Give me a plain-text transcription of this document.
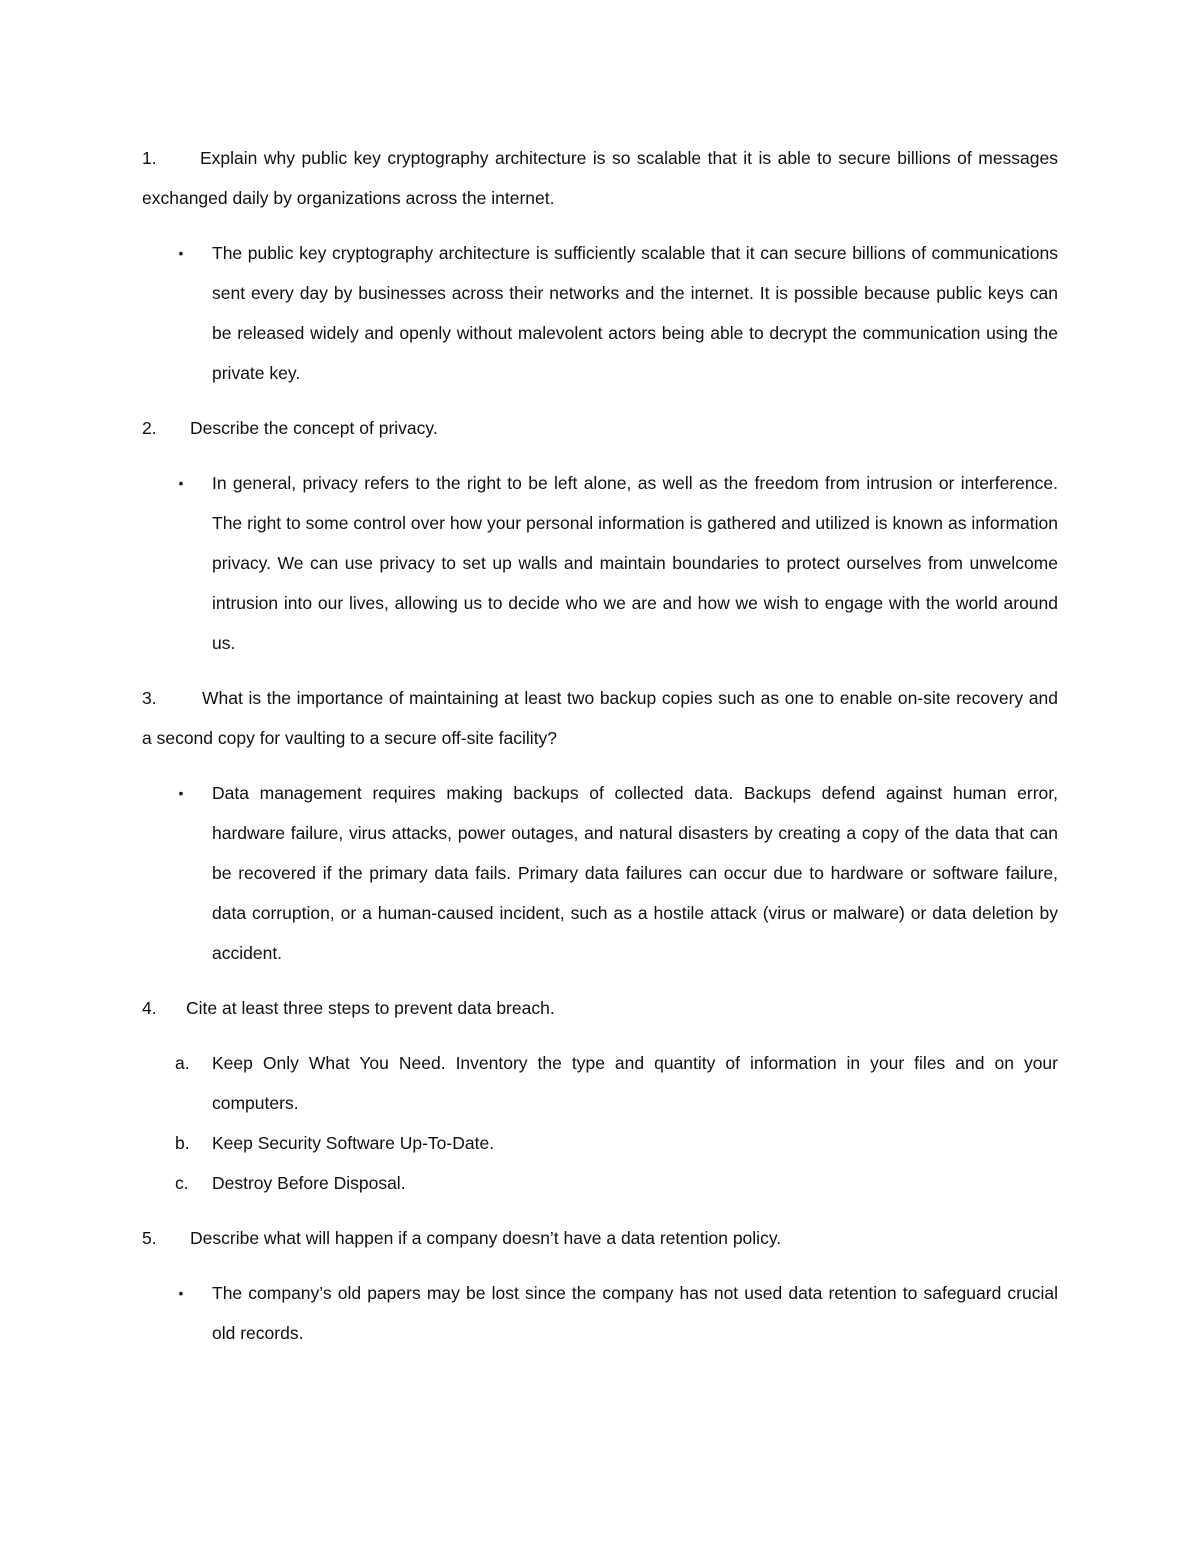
1. Explain why public key cryptography architecture is so scalable that it is able to secure billions of messages exchanged daily by organizations across the internet.

• The public key cryptography architecture is sufficiently scalable that it can secure billions of communications sent every day by businesses across their networks and the internet. It is possible because public keys can be released widely and openly without malevolent actors being able to decrypt the communication using the private key.

2. Describe the concept of privacy.

• In general, privacy refers to the right to be left alone, as well as the freedom from intrusion or interference. The right to some control over how your personal information is gathered and utilized is known as information privacy. We can use privacy to set up walls and maintain boundaries to protect ourselves from unwelcome intrusion into our lives, allowing us to decide who we are and how we wish to engage with the world around us.

3.	What is the importance of maintaining at least two backup copies such as one to enable on-site recovery and a second copy for vaulting to a secure off-site facility?

• Data management requires making backups of collected data. Backups defend against human error, hardware failure, virus attacks, power outages, and natural disasters by creating a copy of the data that can be recovered if the primary data fails. Primary data failures can occur due to hardware or software failure, data corruption, or a human-caused incident, such as a hostile attack (virus or malware) or data deletion by accident.

4. Cite at least three steps to prevent data breach.

a. Keep Only What You Need. Inventory the type and quantity of information in your files and on your computers.

b. Keep Security Software Up-To-Date.

c. Destroy Before Disposal.

5. Describe what will happen if a company doesn’t have a data retention policy.

• The company’s old papers may be lost since the company has not used data retention to safeguard crucial old records.
